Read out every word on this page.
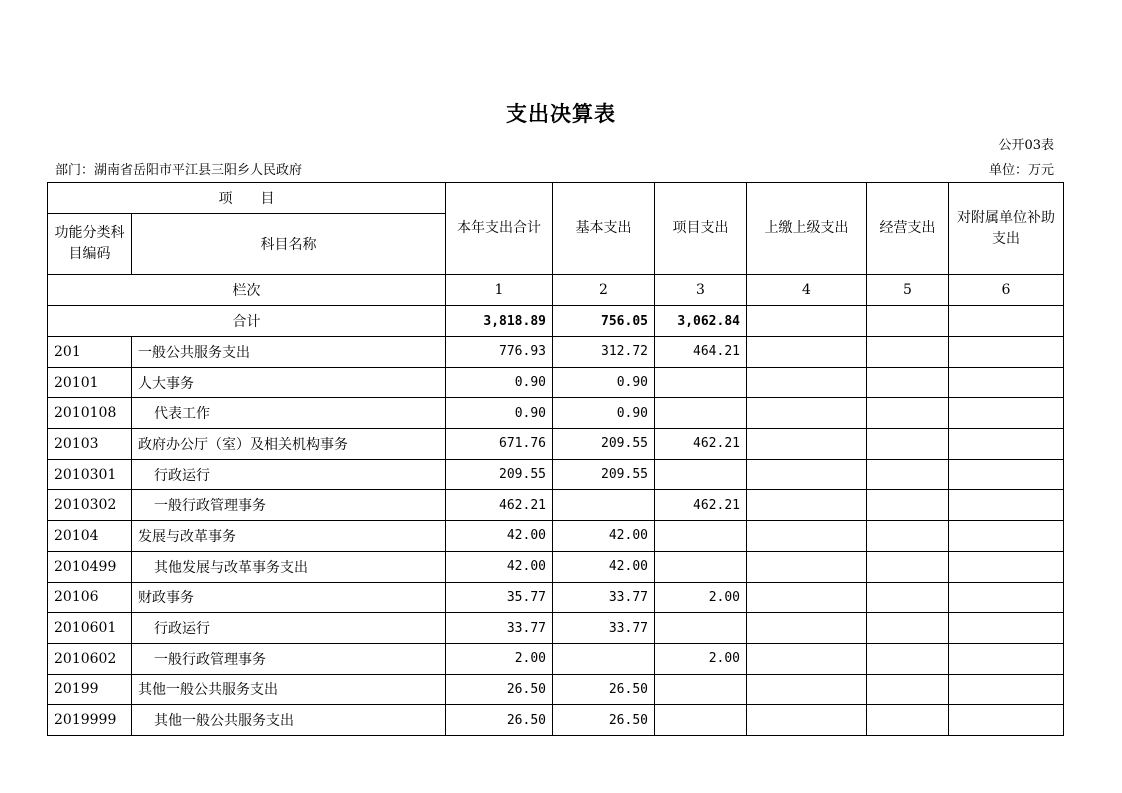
支出决算表
公开03表
部门：湖南省岳阳市平江县三阳乡人民政府	单位：万元
项　　目		本年支出合计	基本支出	项目支出	上缴上级支出	经营支出	对附属单位补助支出
功能分类科目编码	科目名称						
栏次		1	2	3	4	5	6
合计		3,818.89	756.05	3,062.84			
201	一般公共服务支出	776.93	312.72	464.21			
20101	人大事务	0.90	0.90				
2010108	代表工作	0.90	0.90				
20103	政府办公厅（室）及相关机构事务	671.76	209.55	462.21			
2010301	行政运行	209.55	209.55				
2010302	一般行政管理事务	462.21		462.21			
20104	发展与改革事务	42.00	42.00				
2010499	其他发展与改革事务支出	42.00	42.00				
20106	财政事务	35.77	33.77	2.00			
2010601	行政运行	33.77	33.77				
2010602	一般行政管理事务	2.00		2.00			
20199	其他一般公共服务支出	26.50	26.50				
2019999	其他一般公共服务支出	26.50	26.50				
